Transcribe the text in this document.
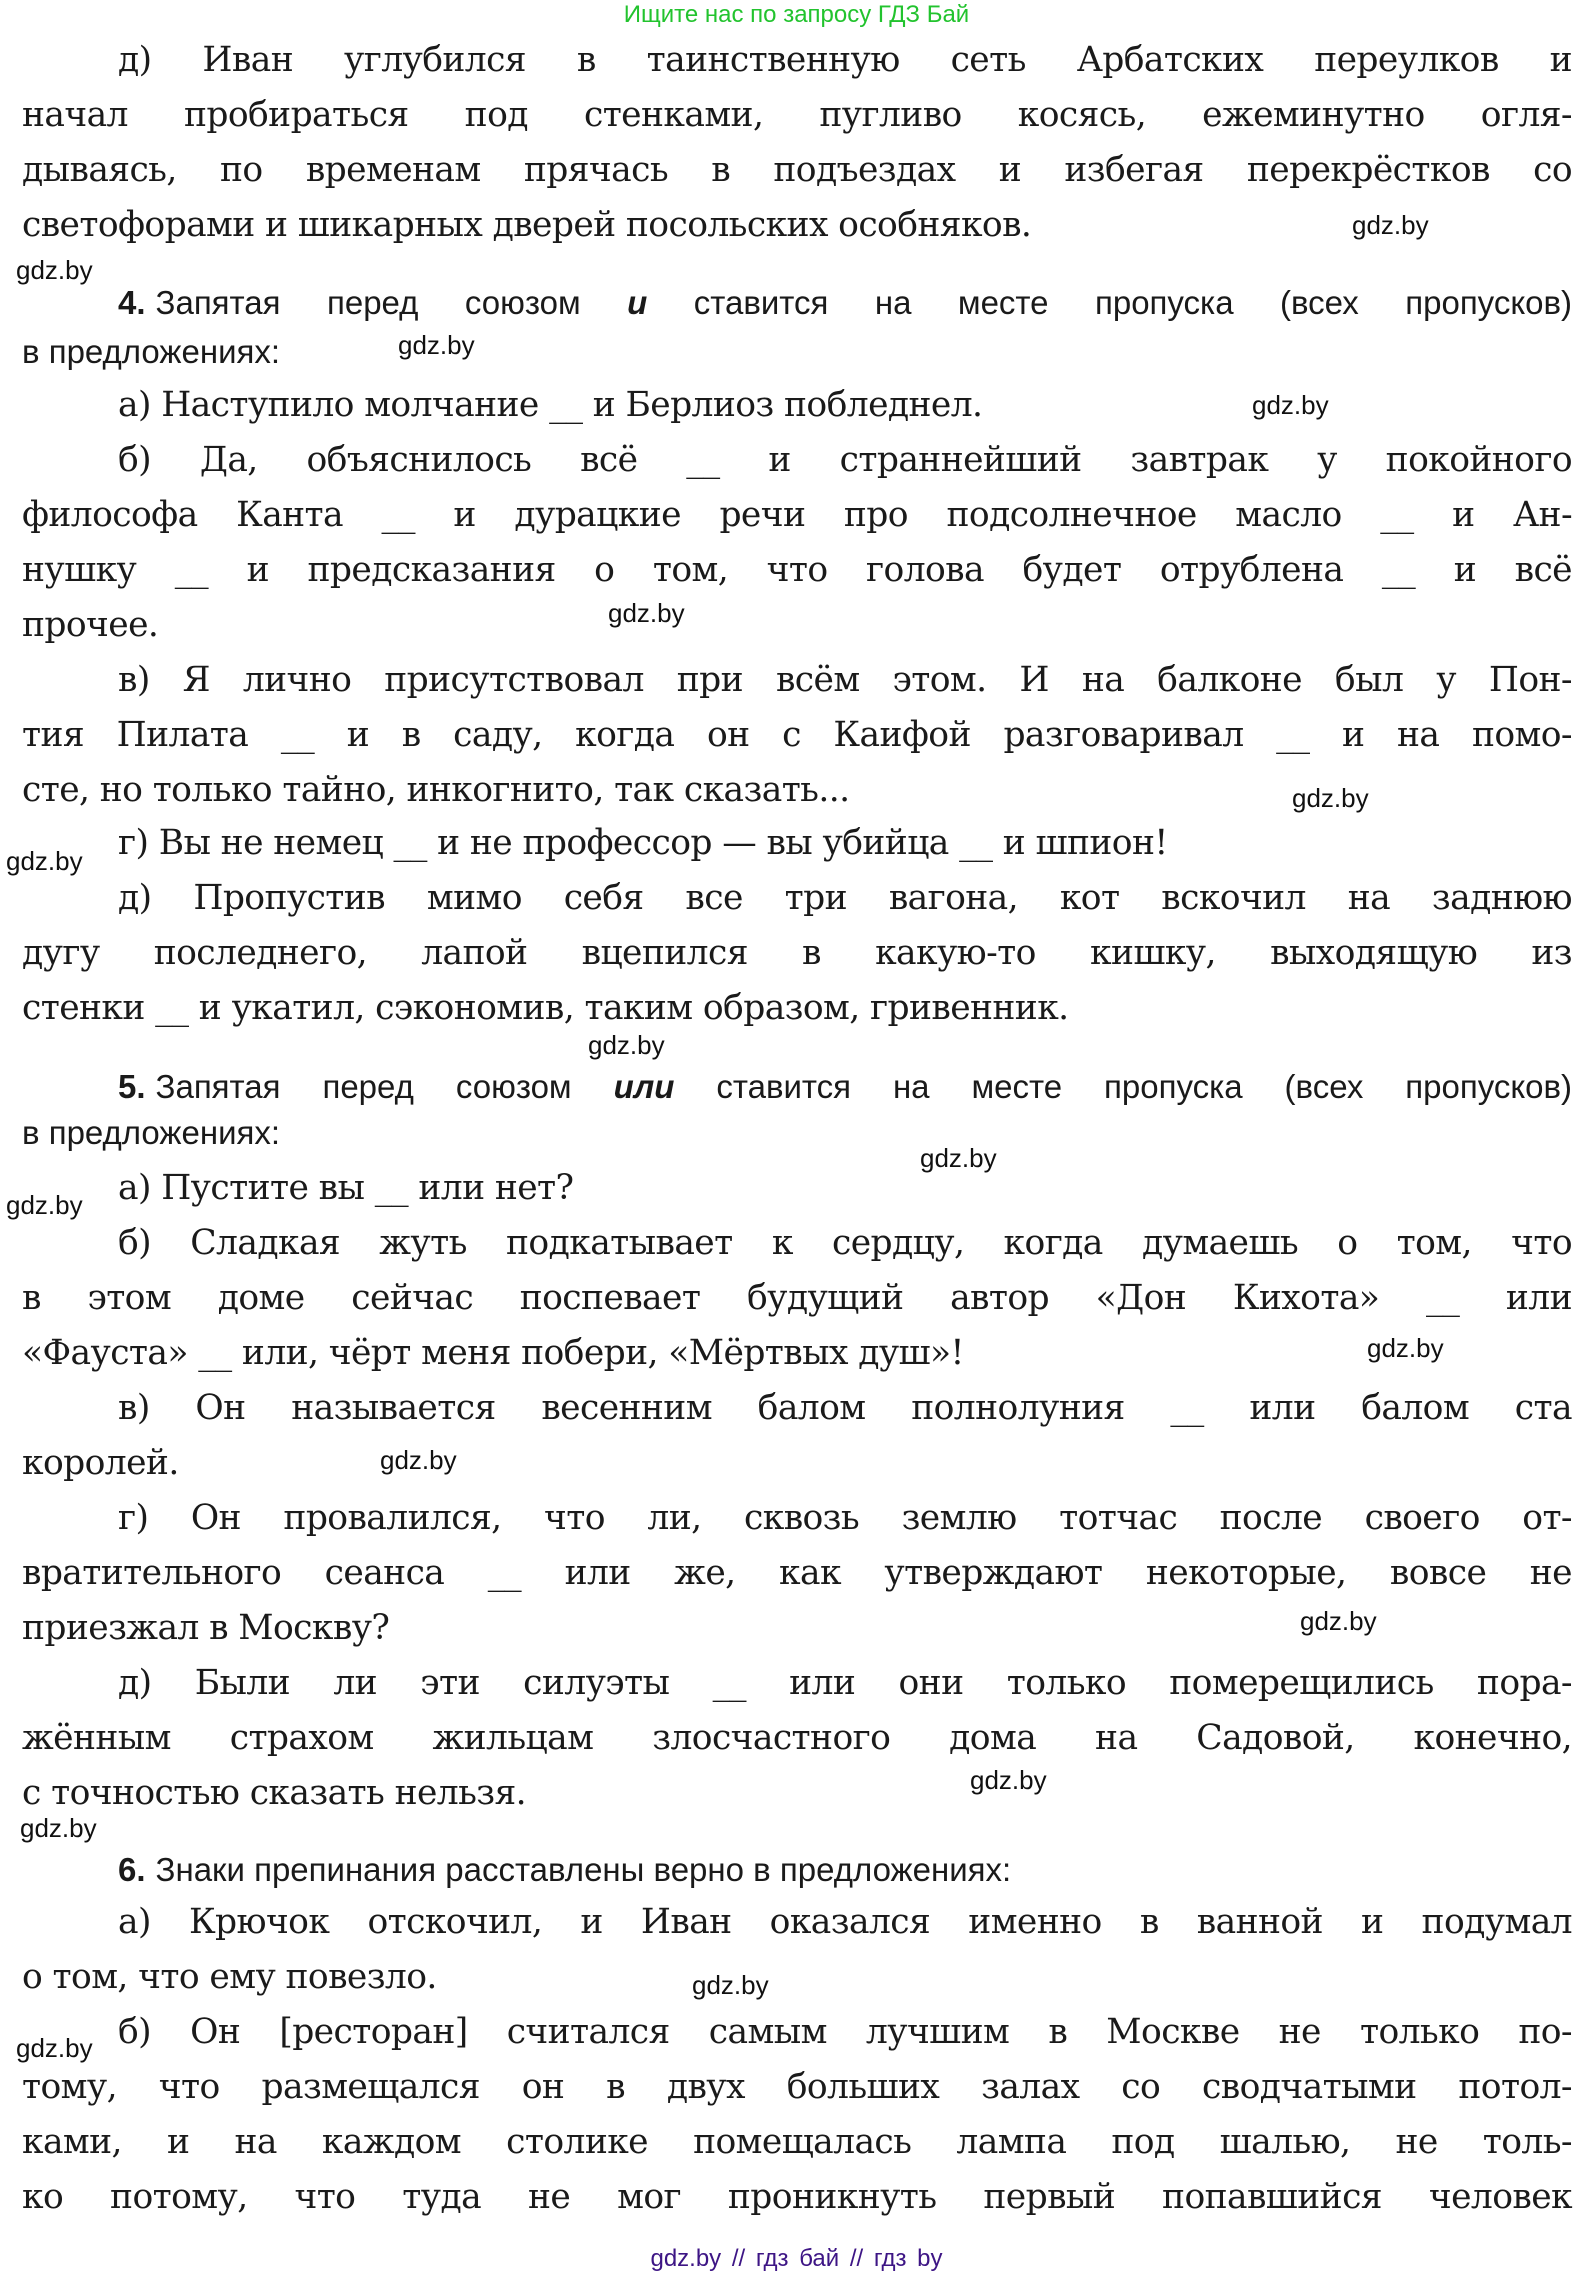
Ищите нас по запросу ГДЗ Бай
д) Иван углубился в таинственную сеть Арбатских переулков и
начал пробираться под стенками, пугливо косясь, ежеминутно огля-
дываясь, по временам прячась в подъездах и избегая перекрёстков со
светофорами и шикарных дверей посольских особняков.	gdz.by
gdz.by
4. Запятая перед союзом и ставится на месте пропуска (всех пропусков)
в предложениях:	gdz.by
а) Наступило молчание __ и Берлиоз побледнел.	gdz.by
б) Да, объяснилось всё __ и страннейший завтрак у покойного
философа Канта __ и дурацкие речи про подсолнечное масло __ и Ан-
нушку __ и предсказания о том, что голова будет отрублена __ и всё
прочее.	gdz.by
в) Я лично присутствовал при всём этом. И на балконе был у Пон-
тия Пилата __ и в саду, когда он с Каифой разговаривал __ и на помо-
сте, но только тайно, инкогнито, так сказать...	gdz.by
г) Вы не немец __ и не профессор — вы убийца __ и шпион!
gdz.by
д) Пропустив мимо себя все три вагона, кот вскочил на заднюю
дугу последнего, лапой вцепился в какую-то кишку, выходящую из
стенки __ и укатил, сэкономив, таким образом, гривенник.
gdz.by
5. Запятая перед союзом или ставится на месте пропуска (всех пропусков)
в предложениях:
gdz.by
а) Пустите вы __ или нет?
gdz.by
б) Сладкая жуть подкатывает к сердцу, когда думаешь о том, что
в этом доме сейчас поспевает будущий автор «Дон Кихота» __ или
«Фауста» __ или, чёрт меня побери, «Мёртвых душ»!	gdz.by
в) Он называется весенним балом полнолуния __ или балом ста
королей.	gdz.by
г) Он провалился, что ли, сквозь землю тотчас после своего от-
вратительного сеанса __ или же, как утверждают некоторые, вовсе не
приезжал в Москву?	gdz.by
д) Были ли эти силуэты __ или они только померещились пора-
жённым страхом жильцам злосчастного дома на Садовой, конечно,
с точностью сказать нельзя.	gdz.by
gdz.by
6. Знаки препинания расставлены верно в предложениях:
а) Крючок отскочил, и Иван оказался именно в ванной и подумал
о том, что ему повезло.	gdz.by
б) Он [ресторан] считался самым лучшим в Москве не только по-
gdz.by
тому, что размещался он в двух больших залах со сводчатыми потол-
ками, и на каждом столике помещалась лампа под шалью, не толь-
ко потому, что туда не мог проникнуть первый попавшийся человек
gdz.by // гдз бай // гдз by
